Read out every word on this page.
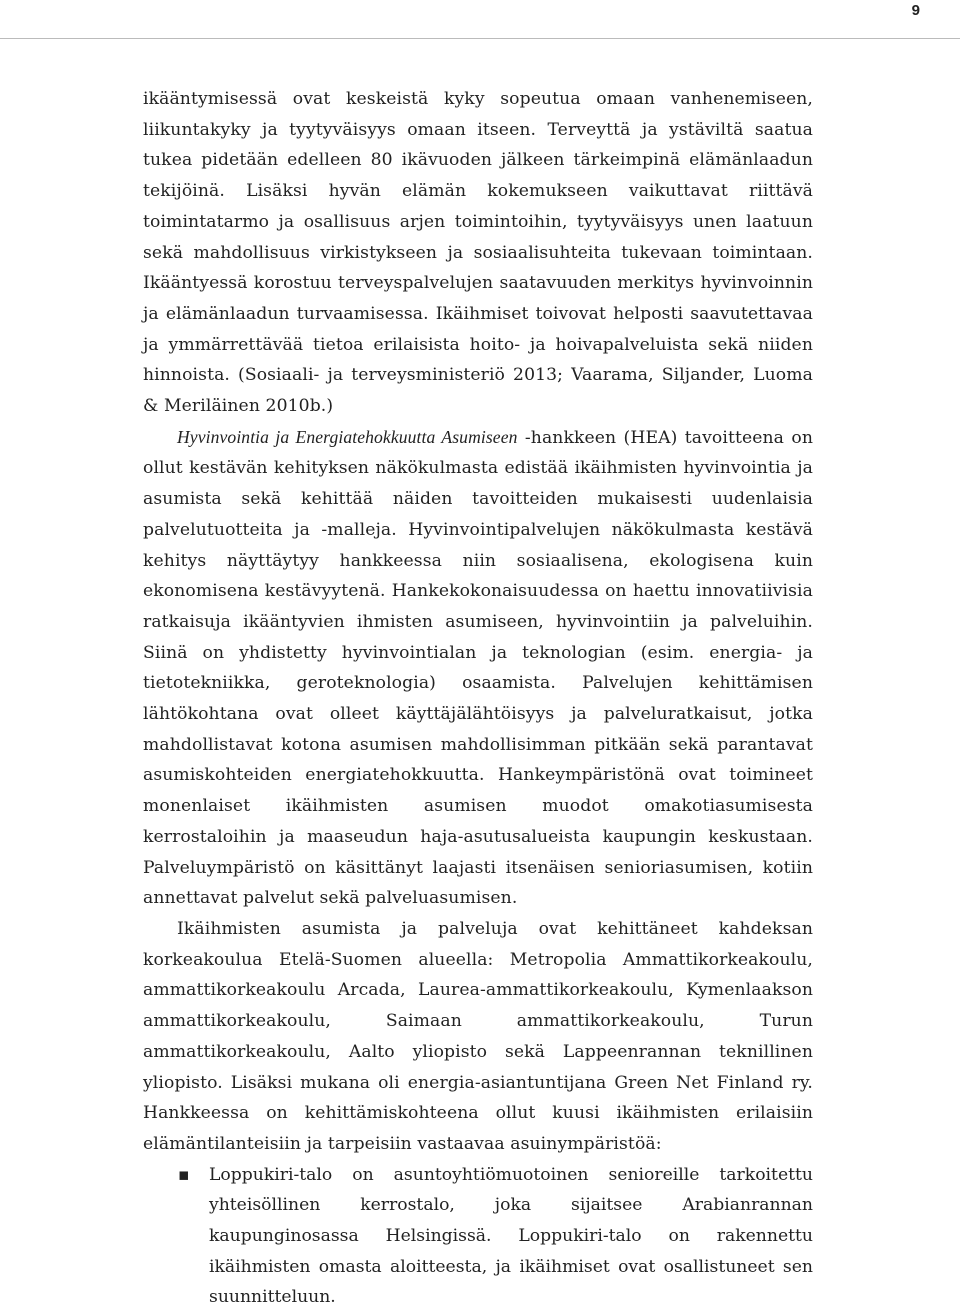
9

ikääntymisessä ovat keskeistä kyky sopeutua omaan vanhenemiseen, liikuntakyky ja tyytyväisyys omaan itseen. Terveyttä ja ystäviltä saatua tukea pidetään edelleen 80 ikävuoden jälkeen tärkeimpinä elämänlaadun tekijöinä. Lisäksi hyvän elämän kokemukseen vaikuttavat riittävä toimintatarmo ja osallisuus arjen toimintoihin, tyytyväisyys unen laatuun sekä mahdollisuus virkistykseen ja sosiaalisuhteita tukevaan toimintaan. Ikääntyessä korostuu terveyspalvelujen saatavuuden merkitys hyvinvoinnin ja elämänlaadun turvaamisessa. Ikäihmiset toivovat helposti saavutettavaa ja ymmärrettävää tietoa erilaisista hoito- ja hoivapalveluista sekä niiden hinnoista. (Sosiaali- ja terveysministeriö 2013; Vaarama, Siljander, Luoma & Meriläinen 2010b.)

Hyvinvointia ja Energiatehokkuutta Asumiseen -hankkeen (HEA) tavoitteena on ollut kestävän kehityksen näkökulmasta edistää ikäihmisten hyvinvointia ja asumista sekä kehittää näiden tavoitteiden mukaisesti uudenlaisia palvelutuotteita ja -malleja. Hyvinvointipalvelujen näkökulmasta kestävä kehitys näyttäytyy hankkeessa niin sosiaalisena, ekologisena kuin ekonomisena kestävyytenä. Hankekokonaisuudessa on haettu innovatiivisia ratkaisuja ikääntyvien ihmisten asumiseen, hyvinvointiin ja palveluihin. Siinä on yhdistetty hyvinvointialan ja teknologian (esim. energia- ja tietotekniikka, geroteknologia) osaamista. Palvelujen kehittämisen lähtökohtana ovat olleet käyttäjälähtöisyys ja palveluratkaisut, jotka mahdollistavat kotona asumisen mahdollisimman pitkään sekä parantavat asumiskohteiden energiatehokkuutta. Hankeympäristönä ovat toimineet monenlaiset ikäihmisten asumisen muodot omakotiasumisesta kerrostaloihin ja maaseudun haja-asutusalueista kaupungin keskustaan. Palveluympäristö on käsittänyt laajasti itsenäisen senioriasumisen, kotiin annettavat palvelut sekä palveluasumisen.

Ikäihmisten asumista ja palveluja ovat kehittäneet kahdeksan korkeakoulua Etelä-Suomen alueella: Metropolia Ammattikorkeakoulu, ammattikorkeakoulu Arcada, Laurea-ammattikorkeakoulu, Kymenlaakson ammattikorkeakoulu, Saimaan ammattikorkeakoulu, Turun ammattikorkeakoulu, Aalto yliopisto sekä Lappeenrannan teknillinen yliopisto. Lisäksi mukana oli energia-asiantuntijana Green Net Finland ry. Hankkeessa on kehittämiskohteena ollut kuusi ikäihmisten erilaisiin elämäntilanteisiin ja tarpeisiin vastaavaa asuinympäristöä:

▪ Loppukiri-talo on asuntoyhtiömuotoinen senioreille tarkoitettu yhteisöllinen kerrostalo, joka sijaitsee Arabianrannan kaupunginosassa Helsingissä. Loppukiri-talo on rakennettu ikäihmisten omasta aloitteesta, ja ikäihmiset ovat osallistuneet sen suunnitteluun.
